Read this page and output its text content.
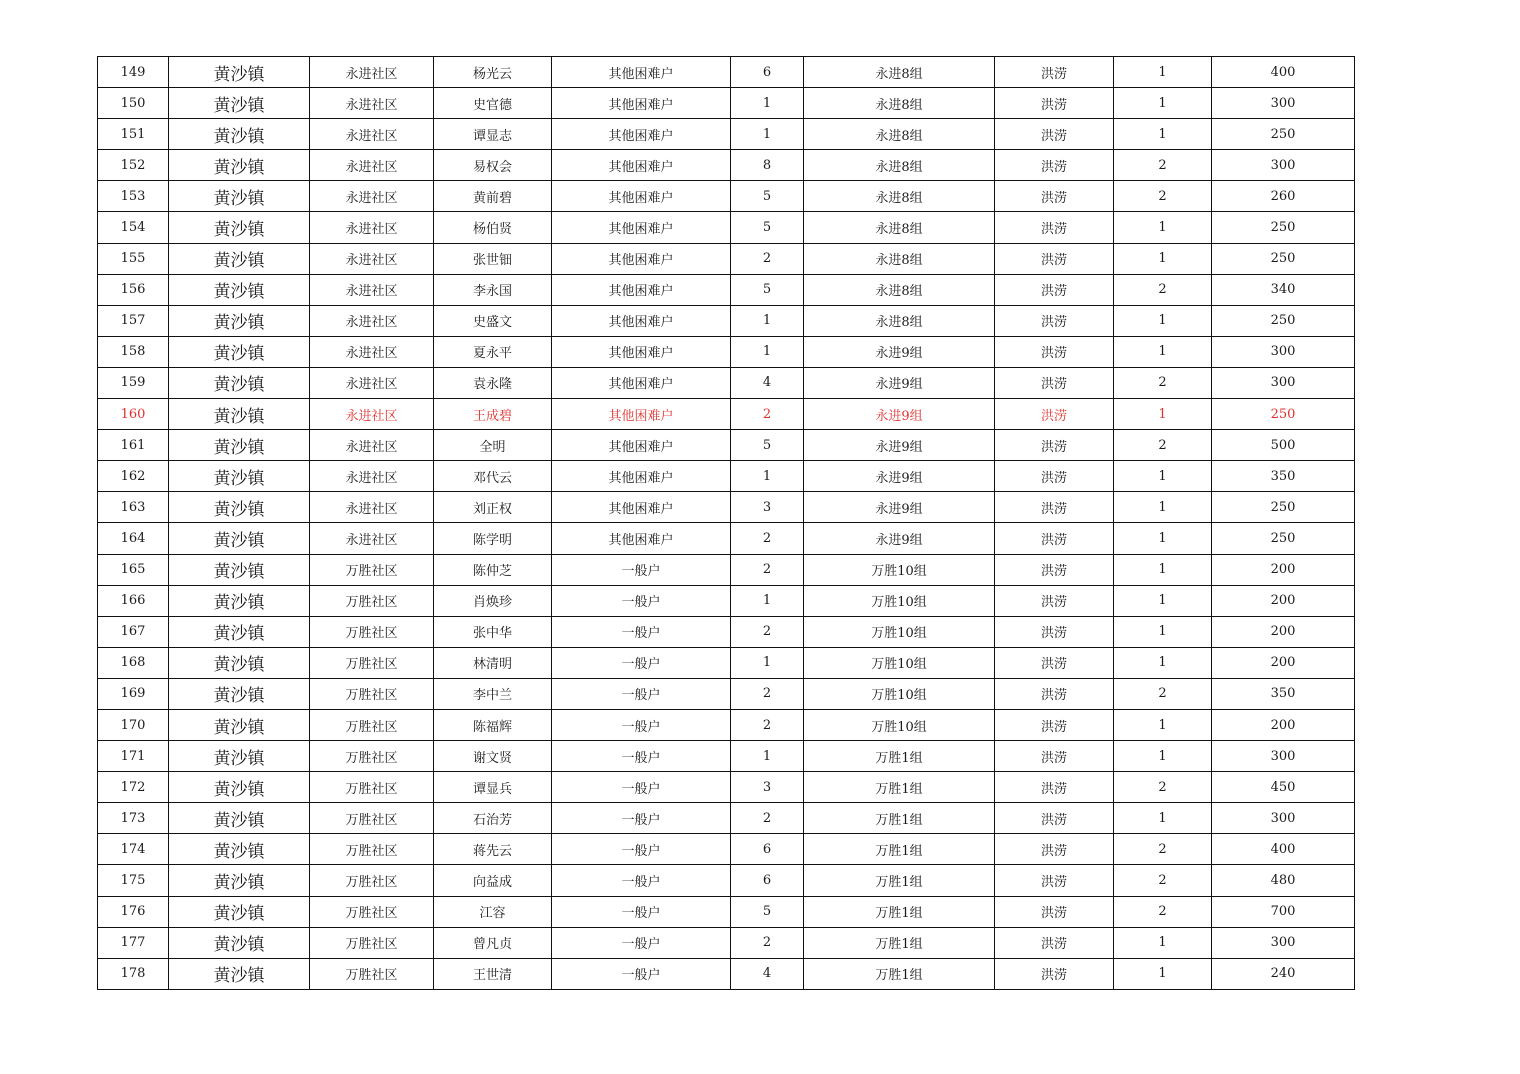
149	黄沙镇	永进社区	杨光云	其他困难户	6	永进8组	洪涝	1	400
150	黄沙镇	永进社区	史官德	其他困难户	1	永进8组	洪涝	1	300
151	黄沙镇	永进社区	谭显志	其他困难户	1	永进8组	洪涝	1	250
152	黄沙镇	永进社区	易权会	其他困难户	8	永进8组	洪涝	2	300
153	黄沙镇	永进社区	黄前碧	其他困难户	5	永进8组	洪涝	2	260
154	黄沙镇	永进社区	杨伯贤	其他困难户	5	永进8组	洪涝	1	250
155	黄沙镇	永进社区	张世钿	其他困难户	2	永进8组	洪涝	1	250
156	黄沙镇	永进社区	李永国	其他困难户	5	永进8组	洪涝	2	340
157	黄沙镇	永进社区	史盛文	其他困难户	1	永进8组	洪涝	1	250
158	黄沙镇	永进社区	夏永平	其他困难户	1	永进9组	洪涝	1	300
159	黄沙镇	永进社区	袁永隆	其他困难户	4	永进9组	洪涝	2	300
160	黄沙镇	永进社区	王成碧	其他困难户	2	永进9组	洪涝	1	250
161	黄沙镇	永进社区	全明	其他困难户	5	永进9组	洪涝	2	500
162	黄沙镇	永进社区	邓代云	其他困难户	1	永进9组	洪涝	1	350
163	黄沙镇	永进社区	刘正权	其他困难户	3	永进9组	洪涝	1	250
164	黄沙镇	永进社区	陈学明	其他困难户	2	永进9组	洪涝	1	250
165	黄沙镇	万胜社区	陈仲芝	一般户	2	万胜10组	洪涝	1	200
166	黄沙镇	万胜社区	肖焕珍	一般户	1	万胜10组	洪涝	1	200
167	黄沙镇	万胜社区	张中华	一般户	2	万胜10组	洪涝	1	200
168	黄沙镇	万胜社区	林清明	一般户	1	万胜10组	洪涝	1	200
169	黄沙镇	万胜社区	李中兰	一般户	2	万胜10组	洪涝	2	350
170	黄沙镇	万胜社区	陈福辉	一般户	2	万胜10组	洪涝	1	200
171	黄沙镇	万胜社区	谢文贤	一般户	1	万胜1组	洪涝	1	300
172	黄沙镇	万胜社区	谭显兵	一般户	3	万胜1组	洪涝	2	450
173	黄沙镇	万胜社区	石治芳	一般户	2	万胜1组	洪涝	1	300
174	黄沙镇	万胜社区	蒋先云	一般户	6	万胜1组	洪涝	2	400
175	黄沙镇	万胜社区	向益成	一般户	6	万胜1组	洪涝	2	480
176	黄沙镇	万胜社区	江容	一般户	5	万胜1组	洪涝	2	700
177	黄沙镇	万胜社区	曾凡贞	一般户	2	万胜1组	洪涝	1	300
178	黄沙镇	万胜社区	王世清	一般户	4	万胜1组	洪涝	1	240
